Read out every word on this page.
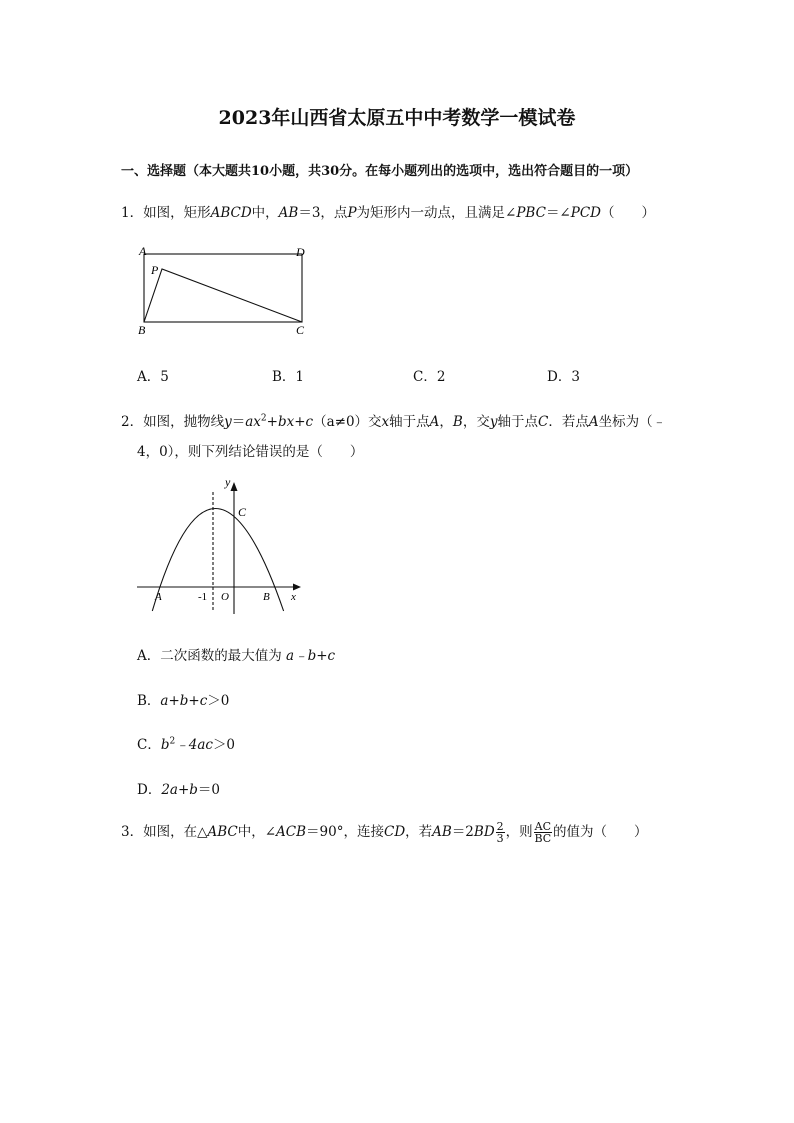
2023年山西省太原五中中考数学一模试卷
一、选择题（本大题共10小题，共30分。在每小题列出的选项中，选出符合题目的一项）
1．如图，矩形ABCD中，AB＝3，点P为矩形内一动点，且满足∠PBC＝∠PCD（　　）
A	D
P
B	C
A．5	B．1	C．2	D．3
2．如图，抛物线$y=ax^2+bx+c(a\ne 0)$交x轴于点A，B，交y轴于点C．若点A坐标为（﹣
4，0），则下列结论错误的是（　　）
y
C
A	-1 O	B x
A．二次函数的最大值为 a﹣b+c
B．a+b+c＞0
C．$b^2﹣4ac>0$
D．2a+b＝0
3．如图，在△ABC中，∠ACB＝90°，连接CD，若$AB=2BD \frac{2}{3}$ ，则 $\frac{AC}{BC}$ 的值为（　　）
